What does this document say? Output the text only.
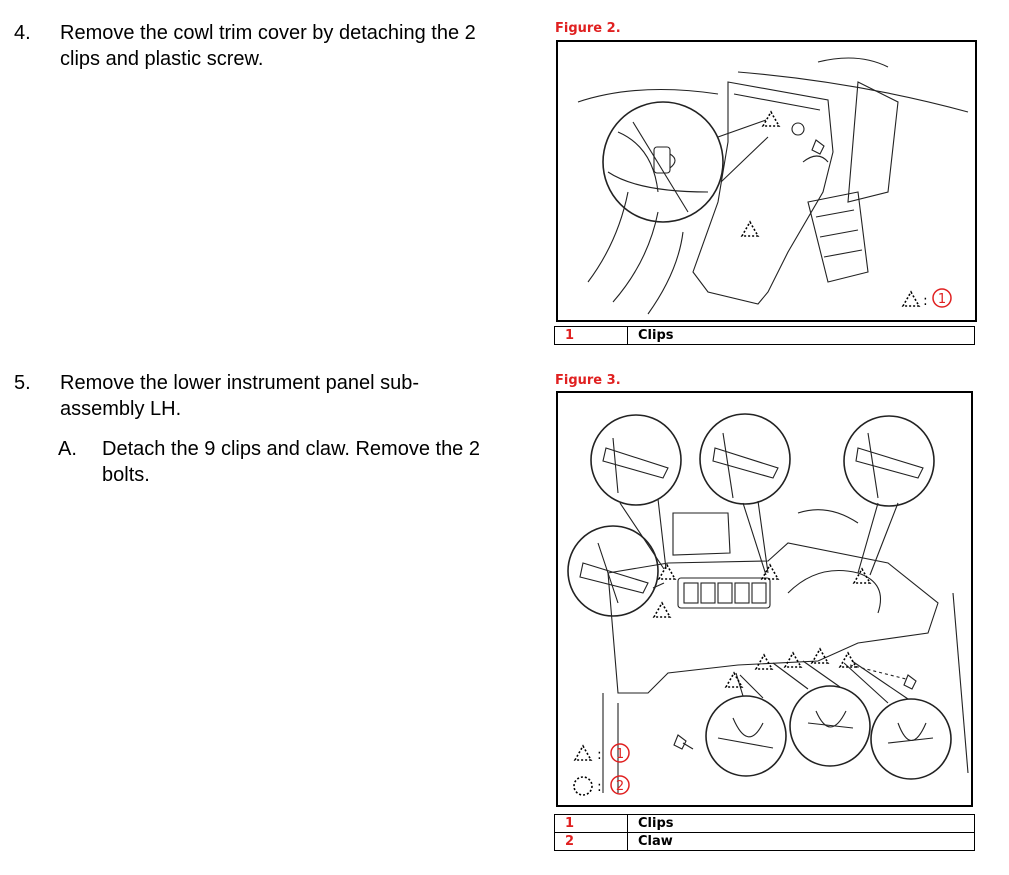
4. Remove the cowl trim cover by detaching the 2 clips and plastic screw.
5. Remove the lower instrument panel sub-assembly LH.
A. Detach the 9 clips and claw. Remove the 2 bolts.
Figure 2.
: 1
1	Clips
Figure 3.
:
:
1
2
1	Clips
2	Claw
